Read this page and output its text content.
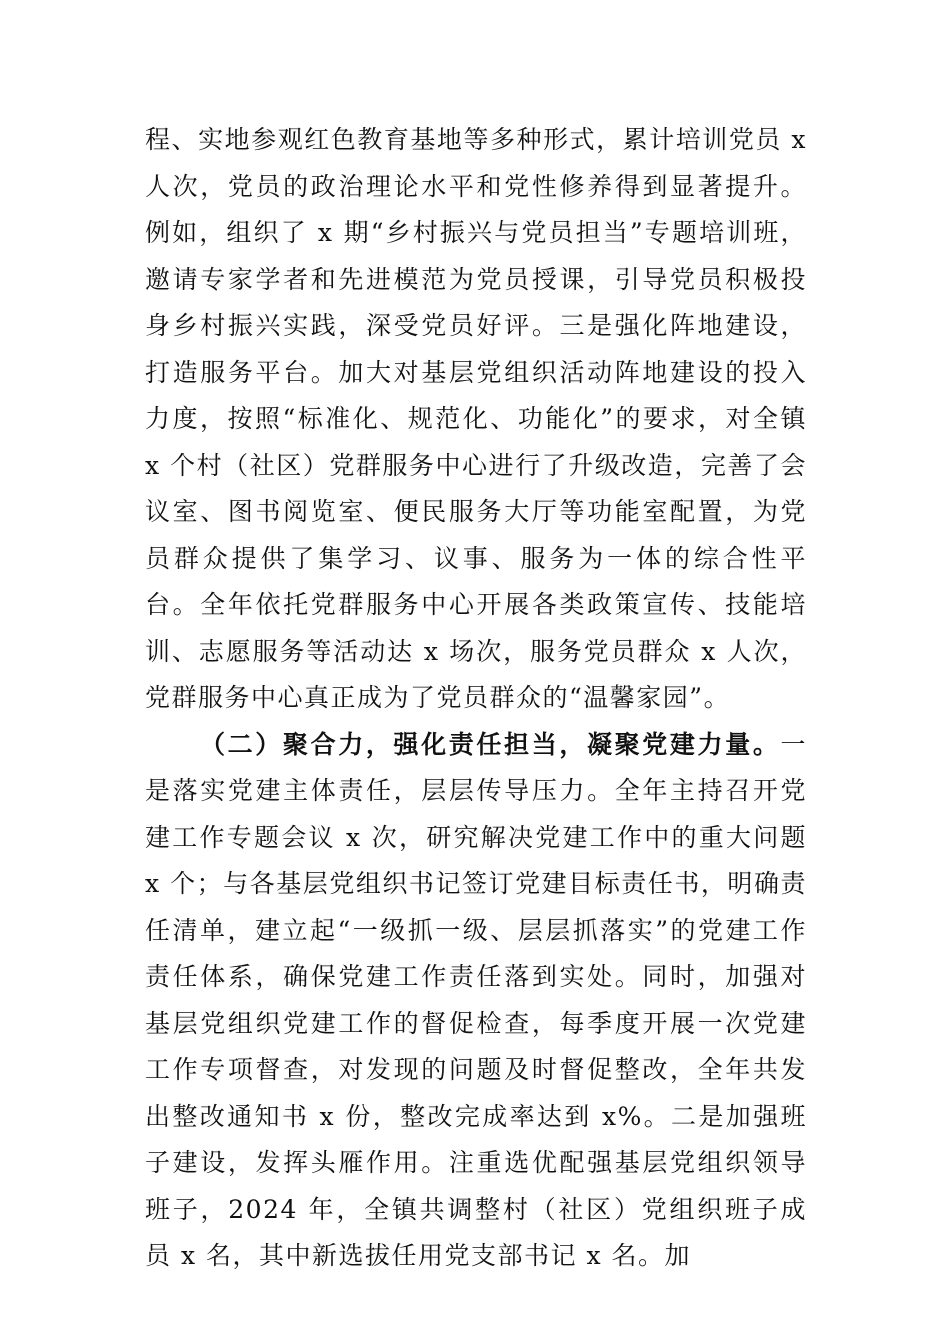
程、实地参观红色教育基地等多种形式，累计培训党员 x 人次，党员的政治理论水平和党性修养得到显著提升。例如，组织了 x 期“乡村振兴与党员担当”专题培训班，邀请专家学者和先进模范为党员授课，引导党员积极投身乡村振兴实践，深受党员好评。三是强化阵地建设，打造服务平台。加大对基层党组织活动阵地建设的投入力度，按照“标准化、规范化、功能化”的要求，对全镇 x 个村（社区）党群服务中心进行了升级改造，完善了会议室、图书阅览室、便民服务大厅等功能室配置，为党员群众提供了集学习、议事、服务为一体的综合性平台。全年依托党群服务中心开展各类政策宣传、技能培训、志愿服务等活动达 x 场次，服务党员群众 x 人次，党群服务中心真正成为了党员群众的“温馨家园”。

（二）聚合力，强化责任担当，凝聚党建力量。一是落实党建主体责任，层层传导压力。全年主持召开党建工作专题会议 x 次，研究解决党建工作中的重大问题 x 个；与各基层党组织书记签订党建目标责任书，明确责任清单，建立起“一级抓一级、层层抓落实”的党建工作责任体系，确保党建工作责任落到实处。同时，加强对基层党组织党建工作的督促检查，每季度开展一次党建工作专项督查，对发现的问题及时督促整改，全年共发出整改通知书 x 份，整改完成率达到 x%。二是加强班子建设，发挥头雁作用。注重选优配强基层党组织领导班子，2024 年，全镇共调整村（社区）党组织班子成员 x 名，其中新选拔任用党支部书记 x 名。加
